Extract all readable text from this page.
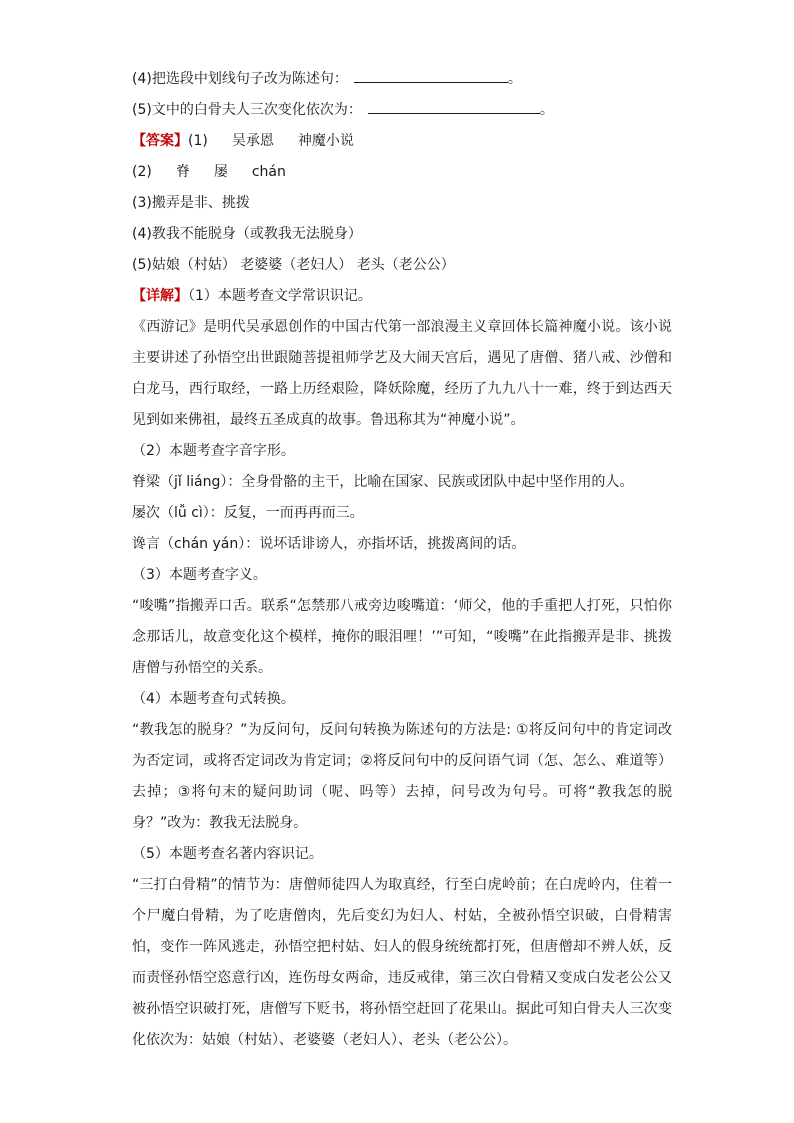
(4)把选段中划线句子改为陈述句：	。
(5)文中的白骨夫人三次变化依次为：	。
【答案】(1) 吴承恩 神魔小说
(2) 脊 屡 chán
(3)搬弄是非、挑拨
(4)教我不能脱身（或教我无法脱身）
(5)姑娘（村姑） 老婆婆（老妇人） 老头（老公公）
【详解】（1）本题考查文学常识识记。
《西游记》是明代吴承恩创作的中国古代第一部浪漫主义章回体长篇神魔小说。该小说主要讲述了孙悟空出世跟随菩提祖师学艺及大闹天宫后，遇见了唐僧、猪八戒、沙僧和白龙马，西行取经，一路上历经艰险，降妖除魔，经历了九九八十一难，终于到达西天见到如来佛祖，最终五圣成真的故事。鲁迅称其为“神魔小说”。
（2）本题考查字音字形。
脊梁（jǐ liáng）：全身骨骼的主干，比喻在国家、民族或团队中起中坚作用的人。
屡次（lǚ cì）：反复，一而再再而三。
谗言（chán yán）：说坏话诽谤人，亦指坏话，挑拨离间的话。
（3）本题考查字义。
“唆嘴”指搬弄口舌。联系“怎禁那八戒旁边唆嘴道：‘师父，他的手重把人打死，只怕你念那话儿，故意变化这个模样，掩你的眼泪哩！’”可知，“唆嘴”在此指搬弄是非、挑拨唐僧与孙悟空的关系。
（4）本题考查句式转换。
“教我怎的脱身？”为反问句，反问句转换为陈述句的方法是: ①将反问句中的肯定词改为否定词，或将否定词改为肯定词；②将反问句中的反问语气词（怎、怎么、难道等）去掉；③将句末的疑问助词（呢、吗等）去掉，问号改为句号。可将“教我怎的脱身？”改为：教我无法脱身。
（5）本题考查名著内容识记。
“三打白骨精”的情节为：唐僧师徒四人为取真经，行至白虎岭前；在白虎岭内，住着一个尸魔白骨精，为了吃唐僧肉，先后变幻为妇人、村姑，全被孙悟空识破，白骨精害怕，变作一阵风逃走，孙悟空把村姑、妇人的假身统统都打死，但唐僧却不辨人妖，反而责怪孙悟空恣意行凶，连伤母女两命，违反戒律，第三次白骨精又变成白发老公公又被孙悟空识破打死，唐僧写下贬书，将孙悟空赶回了花果山。据此可知白骨夫人三次变化依次为：姑娘（村姑）、老婆婆（老妇人）、老头（老公公）。
